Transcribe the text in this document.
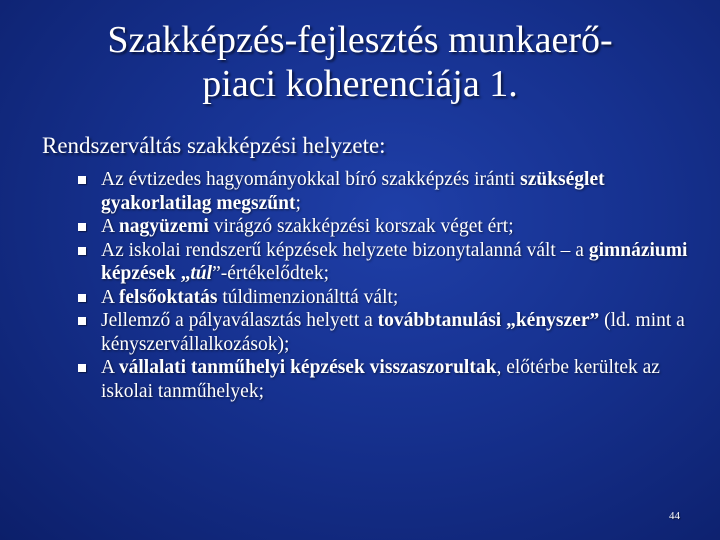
Szakképzés-fejlesztés munkaerő-
piaci koherenciája 1.
Rendszerváltás szakképzési helyzete:
Az évtizedes hagyományokkal bíró szakképzés iránti szükséglet gyakorlatilag megszűnt;
A nagyüzemi virágzó szakképzési korszak véget ért;
Az iskolai rendszerű képzések helyzete bizonytalanná vált – a gimnáziumi képzések „túl”-értékelődtek;
A felsőoktatás túldimenzionálttá vált;
Jellemző a pályaválasztás helyett a továbbtanulási „kényszer” (ld. mint a kényszervállalkozások);
A vállalati tanműhelyi képzések visszaszorultak, előtérbe kerültek az iskolai tanműhelyek;
44
